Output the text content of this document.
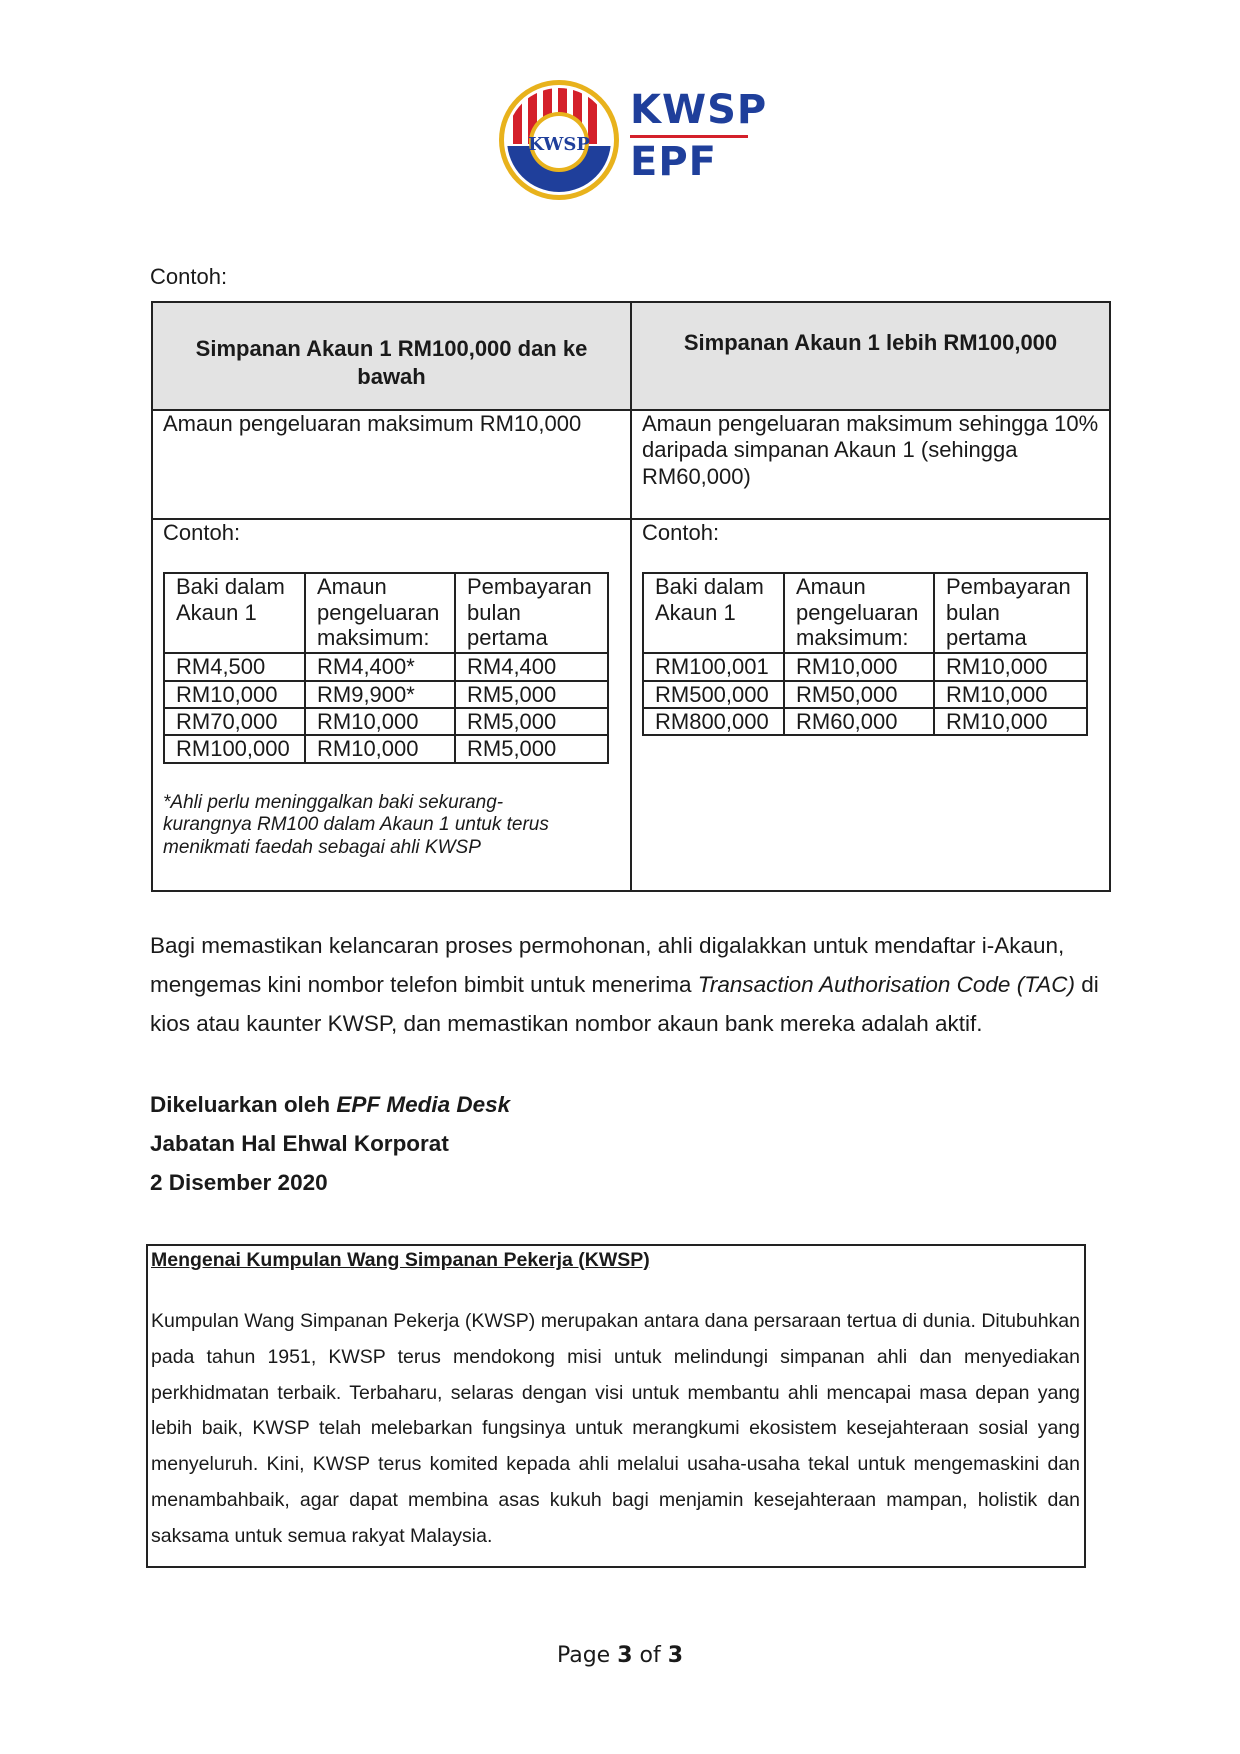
KWSP
KWSP
EPF
Contoh:
Simpanan Akaun 1 RM100,000 dan ke bawah	Simpanan Akaun 1 lebih RM100,000
Amaun pengeluaran maksimum RM10,000	Amaun pengeluaran maksimum sehingga 10% daripada simpanan Akaun 1 (sehingga RM60,000)

Contoh:
Baki dalam Akaun 1	Amaun pengeluaran maksimum:	Pembayaran bulan pertama
RM4,500	RM4,400*	RM4,400
RM10,000	RM9,900*	RM5,000
RM70,000	RM10,000	RM5,000
RM100,000	RM10,000	RM5,000
*Ahli perlu meninggalkan baki sekurang-kurangnya RM100 dalam Akaun 1 untuk terus menikmati faedah sebagai ahli KWSP

Contoh:
Baki dalam Akaun 1	Amaun pengeluaran maksimum:	Pembayaran bulan pertama
RM100,001	RM10,000	RM10,000
RM500,000	RM50,000	RM10,000
RM800,000	RM60,000	RM10,000
Bagi memastikan kelancaran proses permohonan, ahli digalakkan untuk mendaftar i-Akaun, mengemas kini nombor telefon bimbit untuk menerima Transaction Authorisation Code (TAC) di kios atau kaunter KWSP, dan memastikan nombor akaun bank mereka adalah aktif.
Dikeluarkan oleh EPF Media Desk
Jabatan Hal Ehwal Korporat
2 Disember 2020
Mengenai Kumpulan Wang Simpanan Pekerja (KWSP)
Kumpulan Wang Simpanan Pekerja (KWSP) merupakan antara dana persaraan tertua di dunia. Ditubuhkan pada tahun 1951, KWSP terus mendokong misi untuk melindungi simpanan ahli dan menyediakan perkhidmatan terbaik. Terbaharu, selaras dengan visi untuk membantu ahli mencapai masa depan yang lebih baik, KWSP telah melebarkan fungsinya untuk merangkumi ekosistem kesejahteraan sosial yang menyeluruh. Kini, KWSP terus komited kepada ahli melalui usaha-usaha tekal untuk mengemaskini dan menambahbaik, agar dapat membina asas kukuh bagi menjamin kesejahteraan mampan, holistik dan saksama untuk semua rakyat Malaysia.
Page 3 of 3
